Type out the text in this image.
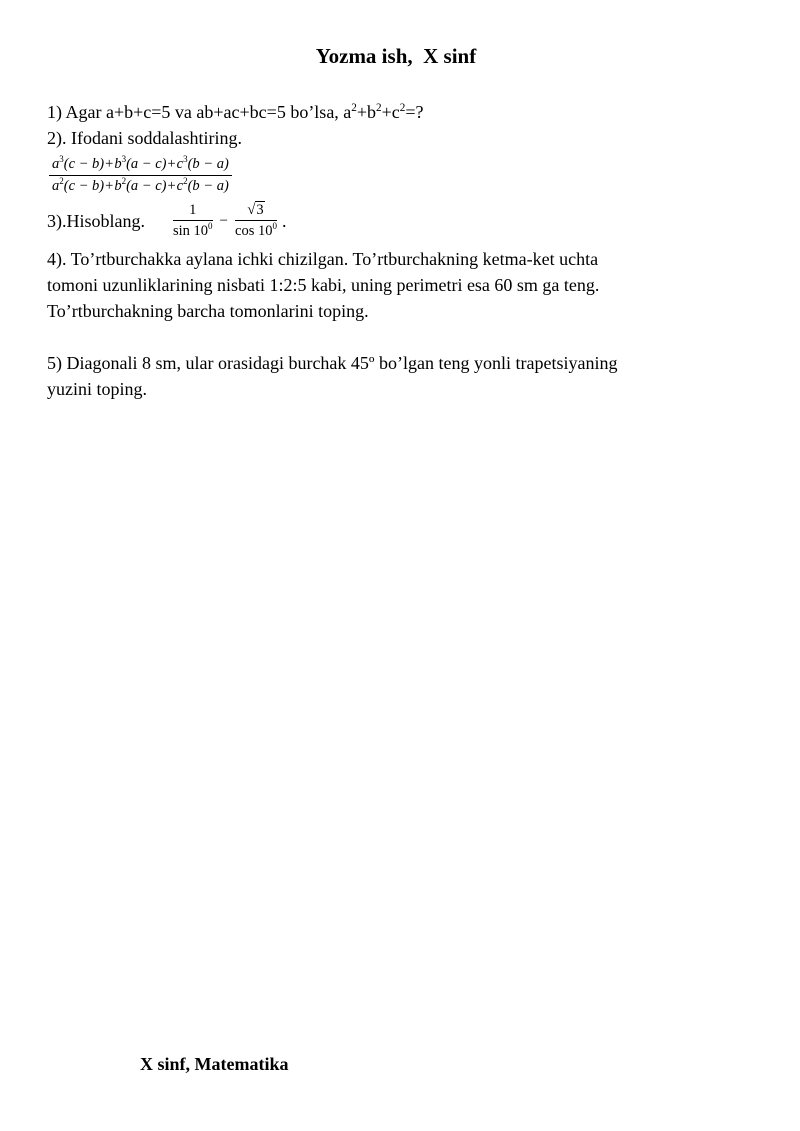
Yozma ish,  X sinf

1) Agar a+b+c=5 va ab+ac+bc=5 bo’lsa, $a^2+b^2+c^2=$?

2). Ifodani soddalashtiring.

$\frac{a^3(c - b)+b^3(a - c)+c^3(b - a)}{a^2(c - b)+b^2(a - c)+c^2(b - a)}$
3).Hisoblang. $\frac{1}{\sin 10^0} - \frac{√3}{\cos 10^0}$ .
4). To’rtburchakka aylana ichki chizilgan. To’rtburchakning ketma-ket uchta
tomoni uzunliklarining nisbati 1:2:5 kabi, uning perimetri esa 60 sm ga teng.
To’rtburchakning barcha tomonlarini toping.
5) Diagonali 8 sm, ular orasidagi burchak 45º bo’lgan teng yonli trapetsiyaning
yuzini toping.
X sinf, Matematika
